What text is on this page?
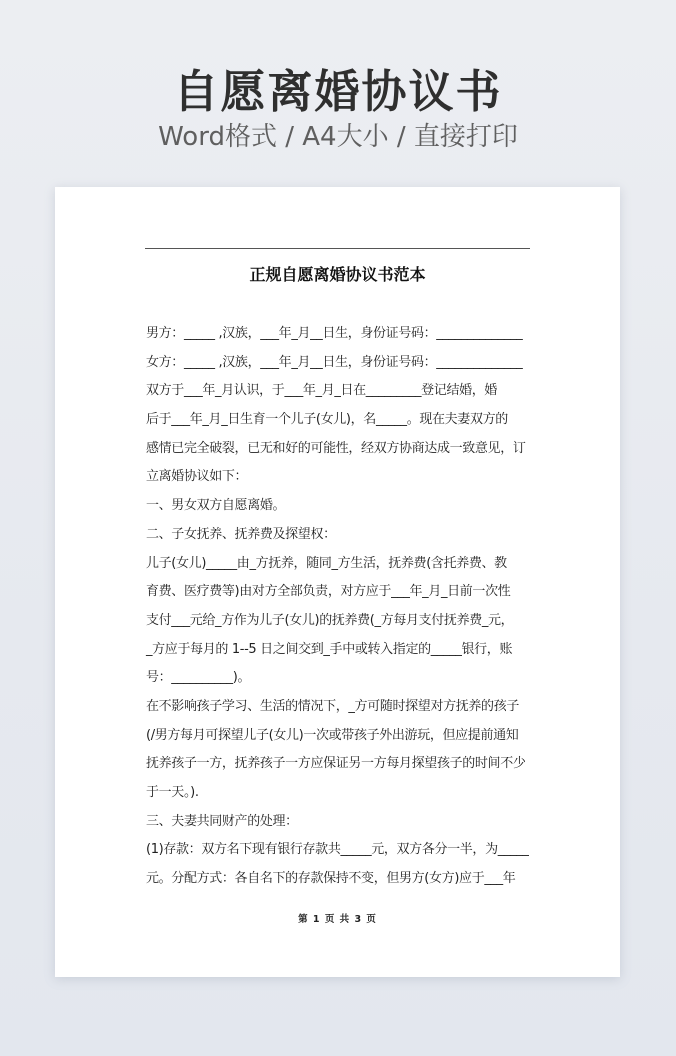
自愿离婚协议书
Word格式 / A4大小 / 直接打印
正规自愿离婚协议书范本
男方：_____ ,汉族，___年_月__日生，身份证号码：______________
女方：_____ ,汉族，___年_月__日生，身份证号码：______________
双方于___年_月认识，于___年_月_日在_________登记结婚，婚
后于___年_月_日生育一个儿子(女儿)，名_____。现在夫妻双方的
感情已完全破裂，已无和好的可能性，经双方协商达成一致意见，订
立离婚协议如下：
一、男女双方自愿离婚。
二、子女抚养、抚养费及探望权：
儿子(女儿)_____由_方抚养，随同_方生活，抚养费(含托养费、教
育费、医疗费等)由对方全部负责，对方应于___年_月_日前一次性
支付___元给_方作为儿子(女儿)的抚养费(_方每月支付抚养费_元，
_方应于每月的 1--5 日之间交到_手中或转入指定的_____银行，账
号：__________)。
在不影响孩子学习、生活的情况下，_方可随时探望对方抚养的孩子
(/男方每月可探望儿子(女儿)一次或带孩子外出游玩，但应提前通知
抚养孩子一方，抚养孩子一方应保证另一方每月探望孩子的时间不少
于一天。).
三、夫妻共同财产的处理：
(1)存款：双方名下现有银行存款共_____元，双方各分一半，为_____
元。分配方式：各自名下的存款保持不变，但男方(女方)应于___年
第 1 页 共 3 页
